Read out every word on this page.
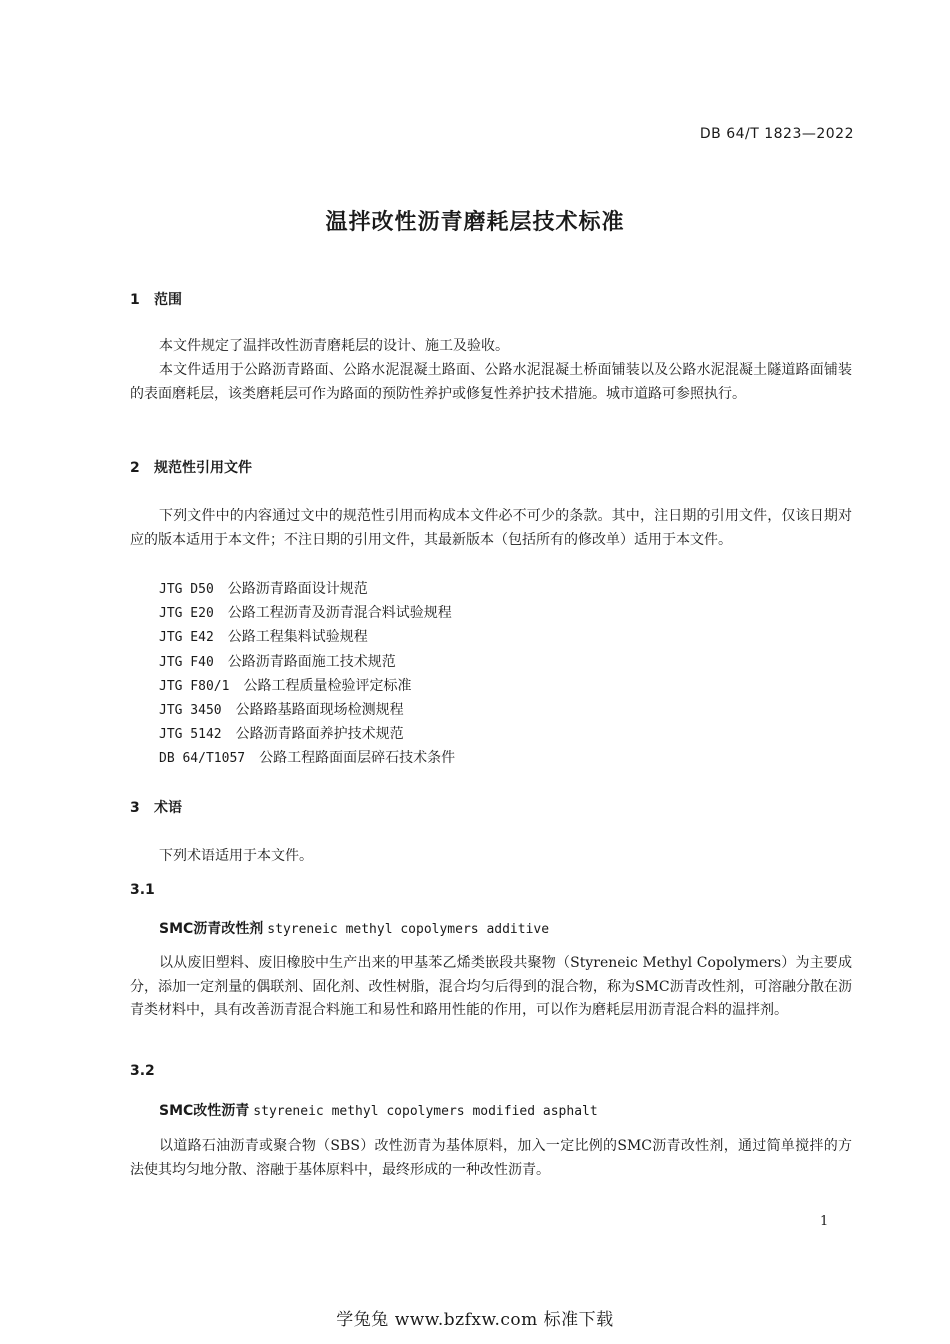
DB 64/T 1823—2022
温拌改性沥青磨耗层技术标准
1 范围
本文件规定了温拌改性沥青磨耗层的设计、施工及验收。
本文件适用于公路沥青路面、公路水泥混凝土路面、公路水泥混凝土桥面铺装以及公路水泥混凝土隧道路面铺装的表面磨耗层，该类磨耗层可作为路面的预防性养护或修复性养护技术措施。城市道路可参照执行。
2 规范性引用文件
下列文件中的内容通过文中的规范性引用而构成本文件必不可少的条款。其中，注日期的引用文件，仅该日期对应的版本适用于本文件；不注日期的引用文件，其最新版本（包括所有的修改单）适用于本文件。
JTG D50 公路沥青路面设计规范
JTG E20 公路工程沥青及沥青混合料试验规程
JTG E42 公路工程集料试验规程
JTG F40 公路沥青路面施工技术规范
JTG F80/1 公路工程质量检验评定标准
JTG 3450 公路路基路面现场检测规程
JTG 5142 公路沥青路面养护技术规范
DB 64/T1057 公路工程路面面层碎石技术条件
3 术语
下列术语适用于本文件。
3.1
SMC沥青改性剂 styreneic methyl copolymers additive
以从废旧塑料、废旧橡胶中生产出来的甲基苯乙烯类嵌段共聚物（Styreneic Methyl Copolymers）为主要成分，添加一定剂量的偶联剂、固化剂、改性树脂，混合均匀后得到的混合物，称为SMC沥青改性剂，可溶融分散在沥青类材料中，具有改善沥青混合料施工和易性和路用性能的作用，可以作为磨耗层用沥青混合料的温拌剂。
3.2
SMC改性沥青 styreneic methyl copolymers modified asphalt
以道路石油沥青或聚合物（SBS）改性沥青为基体原料，加入一定比例的SMC沥青改性剂，通过简单搅拌的方法使其均匀地分散、溶融于基体原料中，最终形成的一种改性沥青。
1
学兔兔 www.bzfxw.com 标准下载
